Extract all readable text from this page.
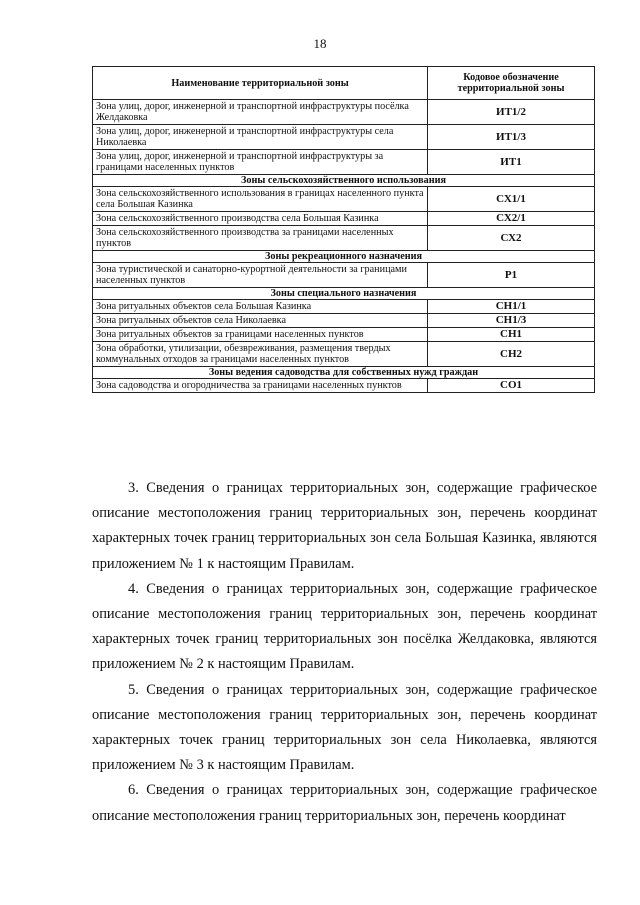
18
Наименование территориальной зоны	Кодовое обозначение территориальной зоны
Зона улиц, дорог, инженерной и транспортной инфраструктуры посёлка Желдаковка	ИТ1/2
Зона улиц, дорог, инженерной и транспортной инфраструктуры села Николаевка	ИТ1/3
Зона улиц, дорог, инженерной и транспортной инфраструктуры за границами населенных пунктов	ИТ1
Зоны сельскохозяйственного использования	
Зона сельскохозяйственного использования в границах населенного пункта села Большая Казинка	СХ1/1
Зона сельскохозяйственного производства села Большая Казинка	СХ2/1
Зона сельскохозяйственного производства за границами населенных пунктов	СХ2
Зоны рекреационного назначения	
Зона туристической и санаторно-курортной деятельности за границами населенных пунктов	Р1
Зоны специального назначения	
Зона ритуальных объектов села Большая Казинка	СН1/1
Зона ритуальных объектов села Николаевка	СН1/3
Зона ритуальных объектов за границами населенных пунктов	СН1
Зона обработки, утилизации, обезвреживания, размещения твердых коммунальных отходов за границами населенных пунктов	СН2
Зоны ведения садоводства для собственных нужд граждан	
Зона садоводства и огородничества за границами населенных пунктов	СО1

3. Сведения о границах территориальных зон, содержащие графическое описание местоположения границ территориальных зон, перечень координат характерных точек границ территориальных зон села Большая Казинка, являются приложением № 1 к настоящим Правилам.

4. Сведения о границах территориальных зон, содержащие графическое описание местоположения границ территориальных зон, перечень координат характерных точек границ территориальных зон посёлка Желдаковка, являются приложением № 2 к настоящим Правилам.

5. Сведения о границах территориальных зон, содержащие графическое описание местоположения границ территориальных зон, перечень координат характерных точек границ территориальных зон села Николаевка, являются приложением № 3 к настоящим Правилам.

6. Сведения о границах территориальных зон, содержащие графическое описание местоположения границ территориальных зон, перечень координат
